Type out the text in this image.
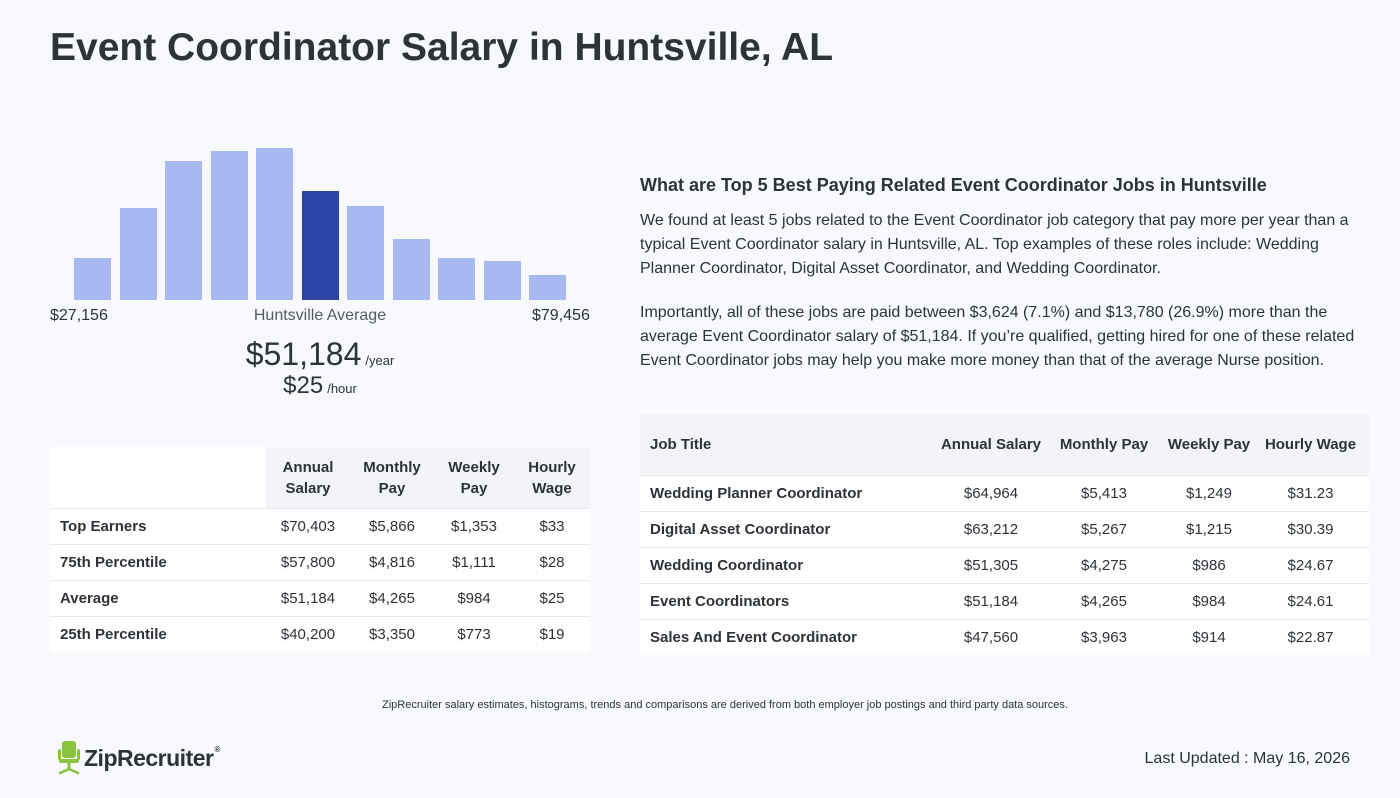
Event Coordinator Salary in Huntsville, AL
$27,156	Huntsville Average	$79,456
$51,184 /year
$25 /hour
	Annual Salary	Monthly Pay	Weekly Pay	Hourly Wage
Top Earners	$70,403	$5,866	$1,353	$33
75th Percentile	$57,800	$4,816	$1,111	$28
Average	$51,184	$4,265	$984	$25
25th Percentile	$40,200	$3,350	$773	$19
What are Top 5 Best Paying Related Event Coordinator Jobs in Huntsville

We found at least 5 jobs related to the Event Coordinator job category that pay more per year than a typical Event Coordinator salary in Huntsville, AL. Top examples of these roles include: Wedding Planner Coordinator, Digital Asset Coordinator, and Wedding Coordinator.

Importantly, all of these jobs are paid between $3,624 (7.1%) and $13,780 (26.9%) more than the average Event Coordinator salary of $51,184. If you’re qualified, getting hired for one of these related Event Coordinator jobs may help you make more money than that of the average Nurse position.

Job Title	Annual Salary	Monthly Pay	Weekly Pay	Hourly Wage
Wedding Planner Coordinator	$64,964	$5,413	$1,249	$31.23
Digital Asset Coordinator	$63,212	$5,267	$1,215	$30.39
Wedding Coordinator	$51,305	$4,275	$986	$24.67
Event Coordinators	$51,184	$4,265	$984	$24.61
Sales And Event Coordinator	$47,560	$3,963	$914	$22.87

ZipRecruiter salary estimates, histograms, trends and comparisons are derived from both employer job postings and third party data sources.

ZipRecruiter®
Last Updated : May 16, 2026
